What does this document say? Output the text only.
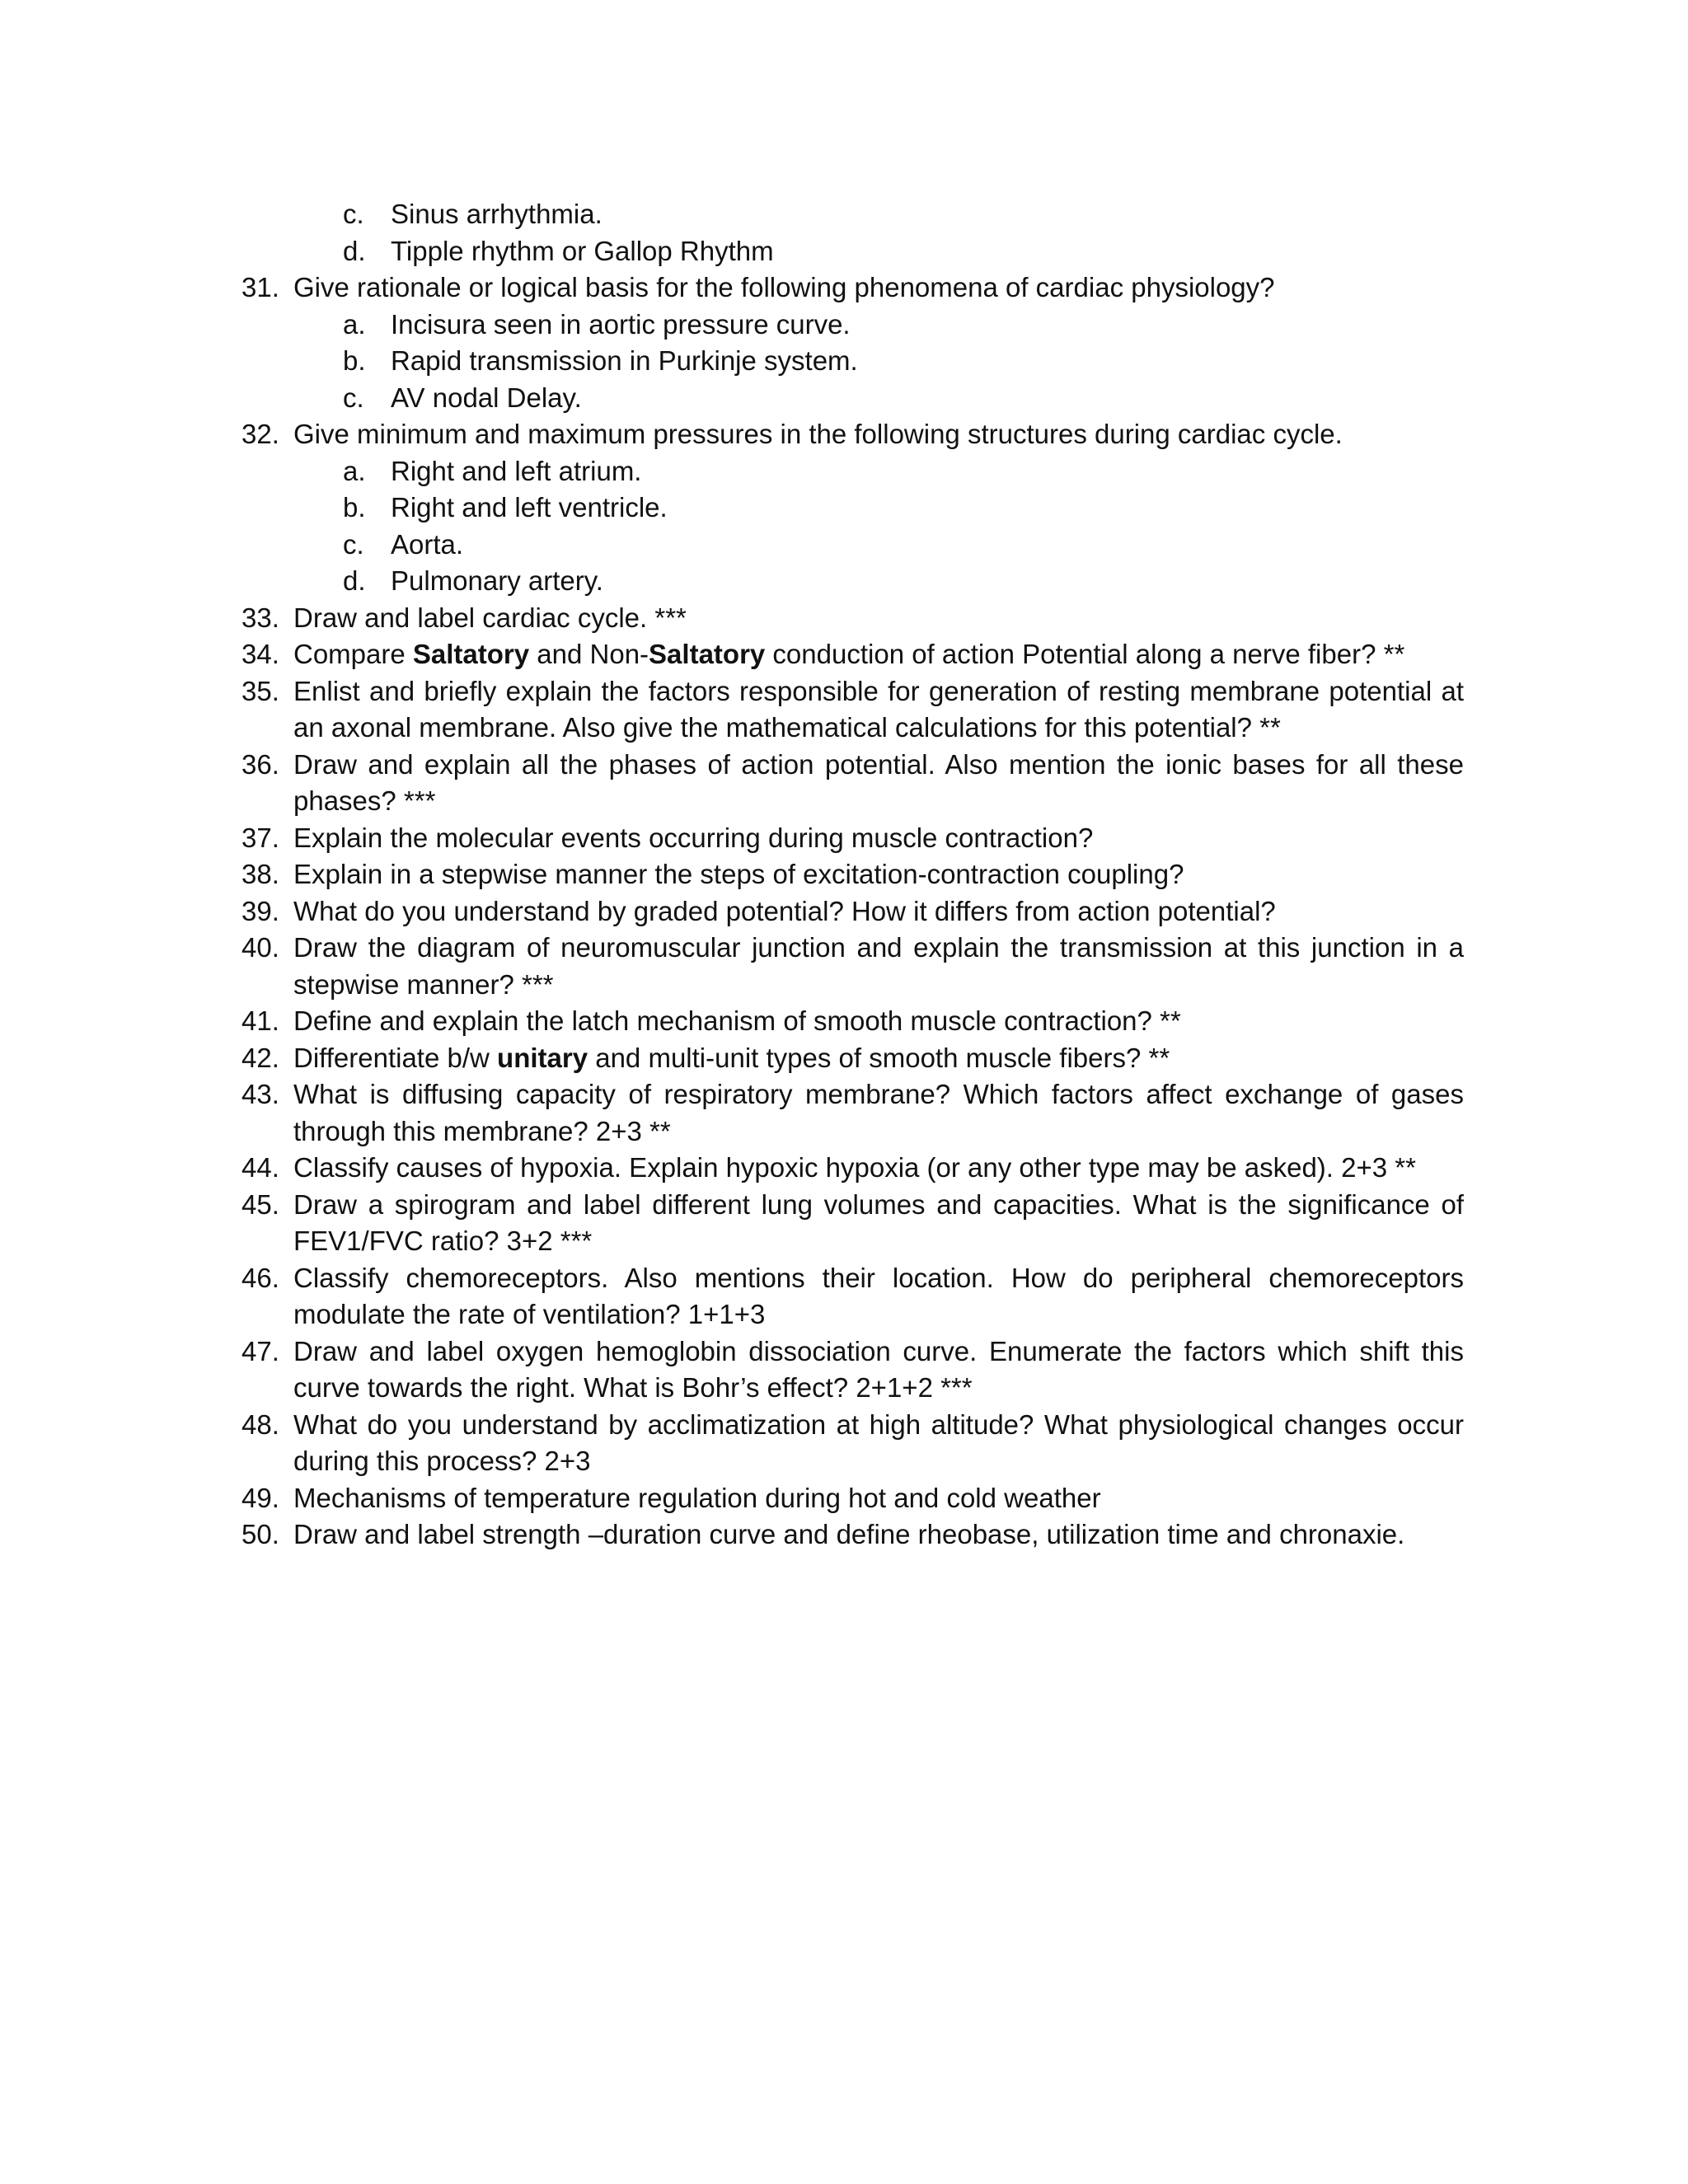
c. Sinus arrhythmia.
d. Tipple rhythm or Gallop Rhythm
31. Give rationale or logical basis for the following phenomena of cardiac physiology?
a. Incisura seen in aortic pressure curve.
b. Rapid transmission in Purkinje system.
c. AV nodal Delay.
32. Give minimum and maximum pressures in the following structures during cardiac cycle.
a. Right and left atrium.
b. Right and left ventricle.
c. Aorta.
d. Pulmonary artery.
33. Draw and label cardiac cycle. ***
34. Compare Saltatory and Non-Saltatory conduction of action Potential along a nerve fiber? **
35. Enlist and briefly explain the factors responsible for generation of resting membrane potential at
an axonal membrane. Also give the mathematical calculations for this potential? **
36. Draw and explain all the phases of action potential. Also mention the ionic bases for all these
phases? ***
37. Explain the molecular events occurring during muscle contraction?
38. Explain in a stepwise manner the steps of excitation-contraction coupling?
39. What do you understand by graded potential? How it differs from action potential?
40. Draw the diagram of neuromuscular junction and explain the transmission at this junction in a
stepwise manner? ***
41. Define and explain the latch mechanism of smooth muscle contraction? **
42. Differentiate b/w unitary and multi-unit types of smooth muscle fibers? **
43. What is diffusing capacity of respiratory membrane? Which factors affect exchange of gases
through this membrane? 2+3 **
44. Classify causes of hypoxia. Explain hypoxic hypoxia (or any other type may be asked). 2+3 **
45. Draw a spirogram and label different lung volumes and capacities. What is the significance of
FEV1/FVC ratio? 3+2 ***
46. Classify chemoreceptors. Also mentions their location. How do peripheral chemoreceptors
modulate the rate of ventilation? 1+1+3
47. Draw and label oxygen hemoglobin dissociation curve. Enumerate the factors which shift this
curve towards the right. What is Bohr’s effect? 2+1+2 ***
48. What do you understand by acclimatization at high altitude? What physiological changes occur
during this process? 2+3
49. Mechanisms of temperature regulation during hot and cold weather
50. Draw and label strength –duration curve and define rheobase, utilization time and chronaxie.
